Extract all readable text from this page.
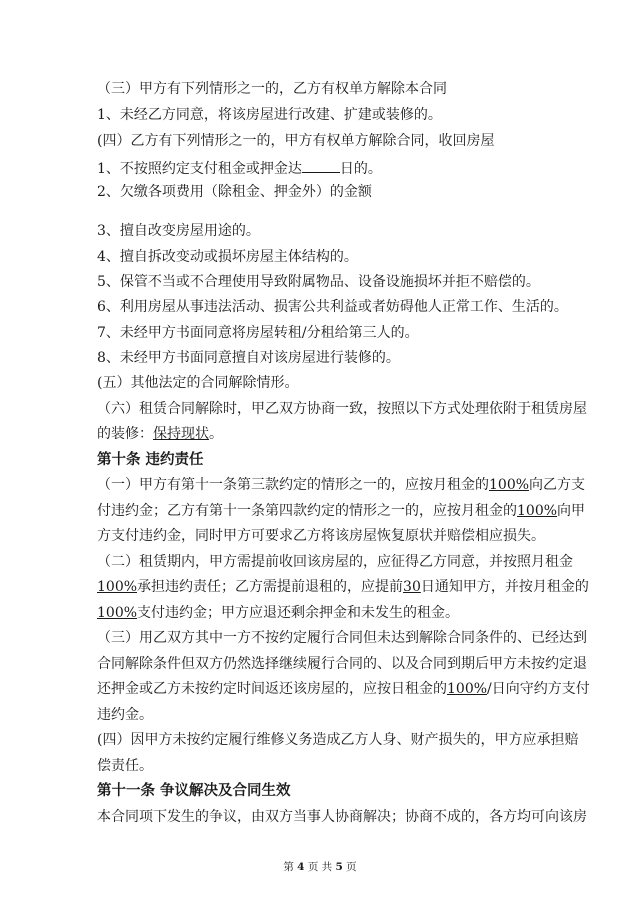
（三）甲方有下列情形之一的，乙方有权单方解除本合同
1、未经乙方同意，将该房屋进行改建、扩建或装修的。
(四）乙方有下列情形之一的，甲方有权单方解除合同，收回房屋
1、不按照约定支付租金或押金达	日的。
2、欠缴各项费用（除租金、押金外）的金额
3、擅自改变房屋用途的。
4、擅自拆改变动或损坏房屋主体结构的。
5、保管不当或不合理使用导致附属物品、设备设施损坏并拒不赔偿的。
6、利用房屋从事违法活动、损害公共利益或者妨碍他人正常工作、生活的。
7、未经甲方书面同意将房屋转租/分租给第三人的。
8、未经甲方书面同意擅自对该房屋进行装修的。
(五）其他法定的合同解除情形。
（六）租赁合同解除时，甲乙双方协商一致，按照以下方式处理依附于租赁房屋
的装修：保持现状。
第十条 违约责任
（一）甲方有第十一条第三款约定的情形之一的，应按月租金的100%向乙方支
付违约金；乙方有第十一条第四款约定的情形之一的，应按月租金的100%向甲
方支付违约金，同时甲方可要求乙方将该房屋恢复原状并赔偿相应损失。
（二）租赁期内，甲方需提前收回该房屋的，应征得乙方同意，并按照月租金
100%承担违约责任；乙方需提前退租的，应提前30日通知甲方，并按月租金的
100%支付违约金；甲方应退还剩余押金和未发生的租金。
（三）用乙双方其中一方不按约定履行合同但未达到解除合同条件的、已经达到
合同解除条件但双方仍然选择继续履行合同的、以及合同到期后甲方未按约定退
还押金或乙方未按约定时间返还该房屋的，应按日租金的100%/日向守约方支付
违约金。
(四）因甲方未按约定履行维修义务造成乙方人身、财产损失的，甲方应承担赔
偿责任。
第十一条 争议解决及合同生效
本合同项下发生的争议，由双方当事人协商解决；协商不成的，各方均可向该房
第 4 页 共 5 页
